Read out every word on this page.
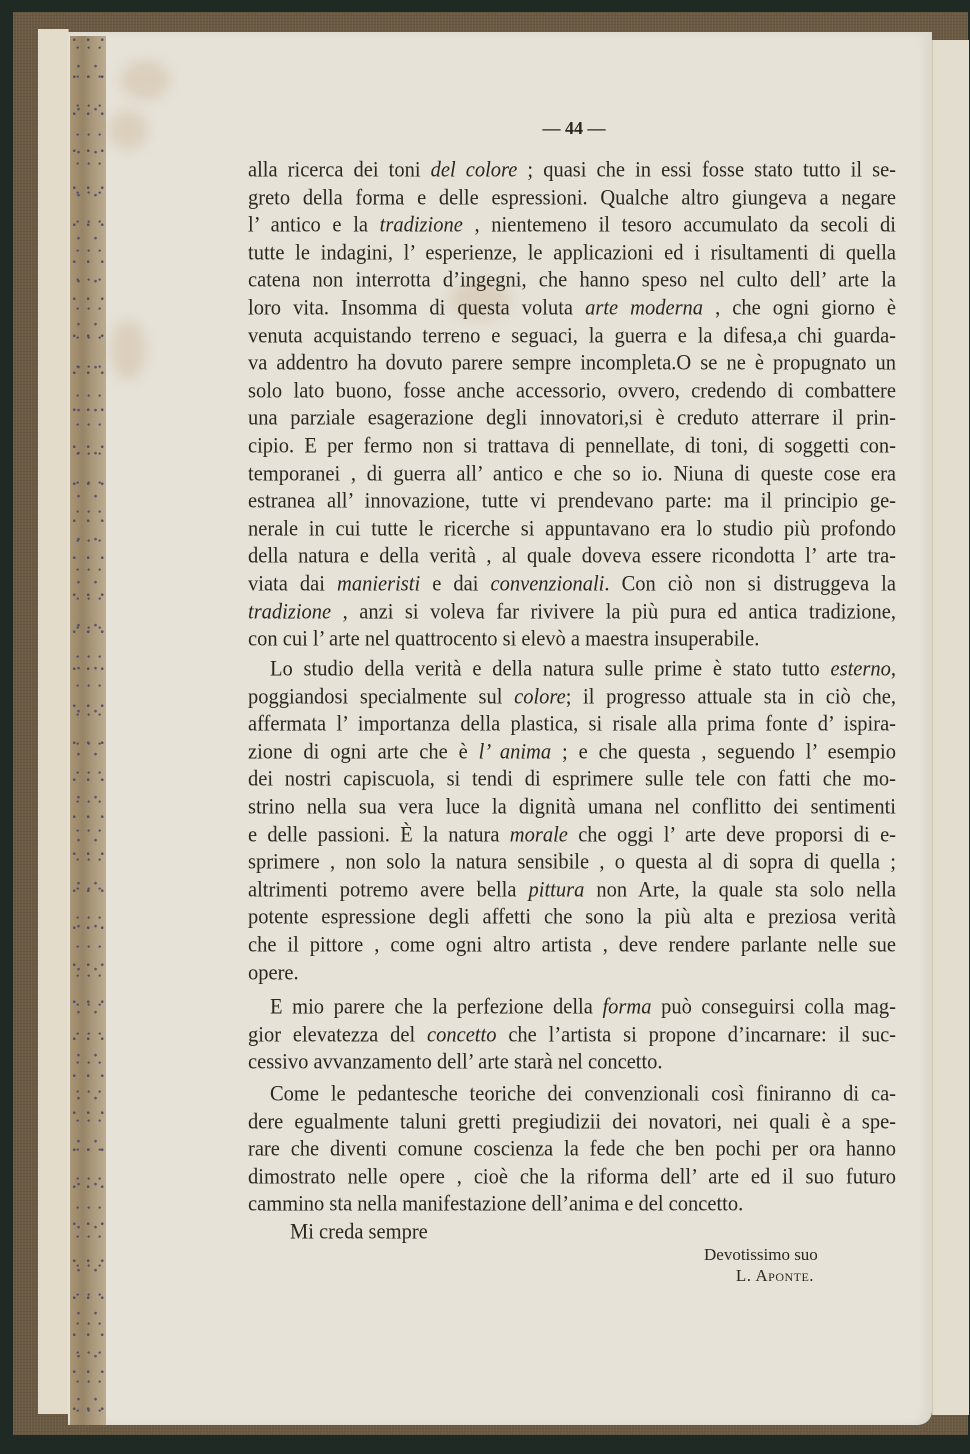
— 44 —
alla ricerca dei toni del colore ; quasi che in essi fosse stato tutto il se-
greto della forma e delle espressioni. Qualche altro giungeva a negare
l’ antico e la tradizione , nientemeno il tesoro accumulato da secoli di
tutte le indagini, l’ esperienze, le applicazioni ed i risultamenti di quella
catena non interrotta d’ingegni, che hanno speso nel culto dell’ arte la
loro vita. Insomma di questa voluta arte moderna , che ogni giorno è
venuta acquistando terreno e seguaci, la guerra e la difesa,a chi guarda-
va addentro ha dovuto parere sempre incompleta.O se ne è propugnato un
solo lato buono, fosse anche accessorio, ovvero, credendo di combattere
una parziale esagerazione degli innovatori,si è creduto atterrare il prin-
cipio. E per fermo non si trattava di pennellate, di toni, di soggetti con-
temporanei , di guerra all’ antico e che so io. Niuna di queste cose era
estranea all’ innovazione, tutte vi prendevano parte: ma il principio ge-
nerale in cui tutte le ricerche si appuntavano era lo studio più profondo
della natura e della verità , al quale doveva essere ricondotta l’ arte tra-
viata dai manieristi e dai convenzionali. Con ciò non si distruggeva la
tradizione , anzi si voleva far rivivere la più pura ed antica tradizione,
con cui l’ arte nel quattrocento si elevò a maestra insuperabile.
Lo studio della verità e della natura sulle prime è stato tutto esterno,
poggiandosi specialmente sul colore; il progresso attuale sta in ciò che,
affermata l’ importanza della plastica, si risale alla prima fonte d’ ispira-
zione di ogni arte che è l’ anima ; e che questa , seguendo l’ esempio
dei nostri capiscuola, si tendi di esprimere sulle tele con fatti che mo-
strino nella sua vera luce la dignità umana nel conflitto dei sentimenti
e delle passioni. È la natura morale che oggi l’ arte deve proporsi di e-
sprimere , non solo la natura sensibile , o questa al di sopra di quella ;
altrimenti potremo avere bella pittura non Arte, la quale sta solo nella
potente espressione degli affetti che sono la più alta e preziosa verità
che il pittore , come ogni altro artista , deve rendere parlante nelle sue
opere.
E mio parere che la perfezione della forma può conseguirsi colla mag-
gior elevatezza del concetto che l’artista si propone d’incarnare: il suc-
cessivo avvanzamento dell’ arte starà nel concetto.
Come le pedantesche teoriche dei convenzionali così finiranno di ca-
dere egualmente taluni gretti pregiudizii dei novatori, nei quali è a spe-
rare che diventi comune coscienza la fede che ben pochi per ora hanno
dimostrato nelle opere , cioè che la riforma dell’ arte ed il suo futuro
cammino sta nella manifestazione dell’anima e del concetto.
Mi creda sempre
Devotissimo suo
L. Aponte.
